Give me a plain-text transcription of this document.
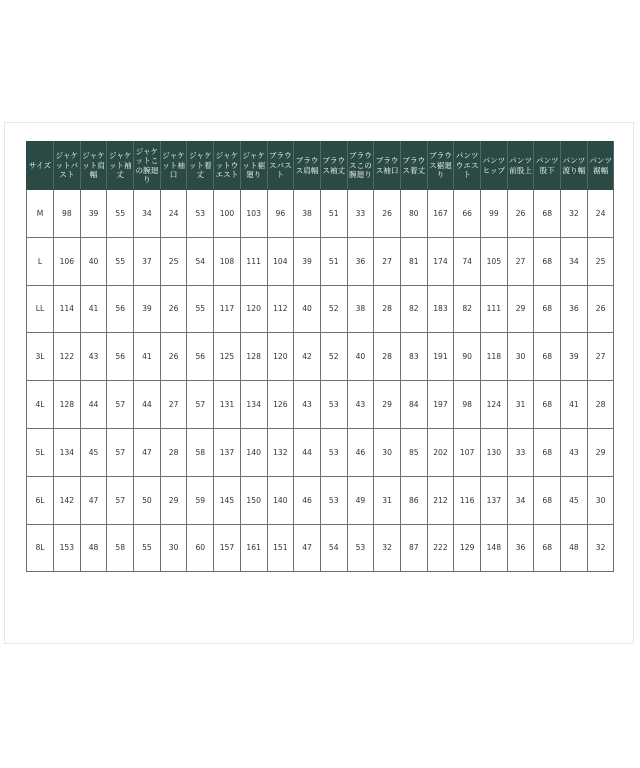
サイズ	ジャケットバスト	ジャケット肩幅	ジャケット袖丈	ジャケットこの腕廻り	ジャケット袖口	ジャケット着丈	ジャケットウエスト	ジャケット裾廻り	ブラウスバスト	ブラウス肩幅	ブラウス袖丈	ブラウスこの腕廻り	ブラウス袖口	ブラウス着丈	ブラウス裾廻り	パンツウエスト	パンツヒップ	パンツ前股上	パンツ股下	パンツ渡り幅	パンツ裾幅
M	98	39	55	34	24	53	100	103	96	38	51	33	26	80	167	66	99	26	68	32	24
L	106	40	55	37	25	54	108	111	104	39	51	36	27	81	174	74	105	27	68	34	25
LL	114	41	56	39	26	55	117	120	112	40	52	38	28	82	183	82	111	29	68	36	26
3L	122	43	56	41	26	56	125	128	120	42	52	40	28	83	191	90	118	30	68	39	27
4L	128	44	57	44	27	57	131	134	126	43	53	43	29	84	197	98	124	31	68	41	28
5L	134	45	57	47	28	58	137	140	132	44	53	46	30	85	202	107	130	33	68	43	29
6L	142	47	57	50	29	59	145	150	140	46	53	49	31	86	212	116	137	34	68	45	30
8L	153	48	58	55	30	60	157	161	151	47	54	53	32	87	222	129	148	36	68	48	32
